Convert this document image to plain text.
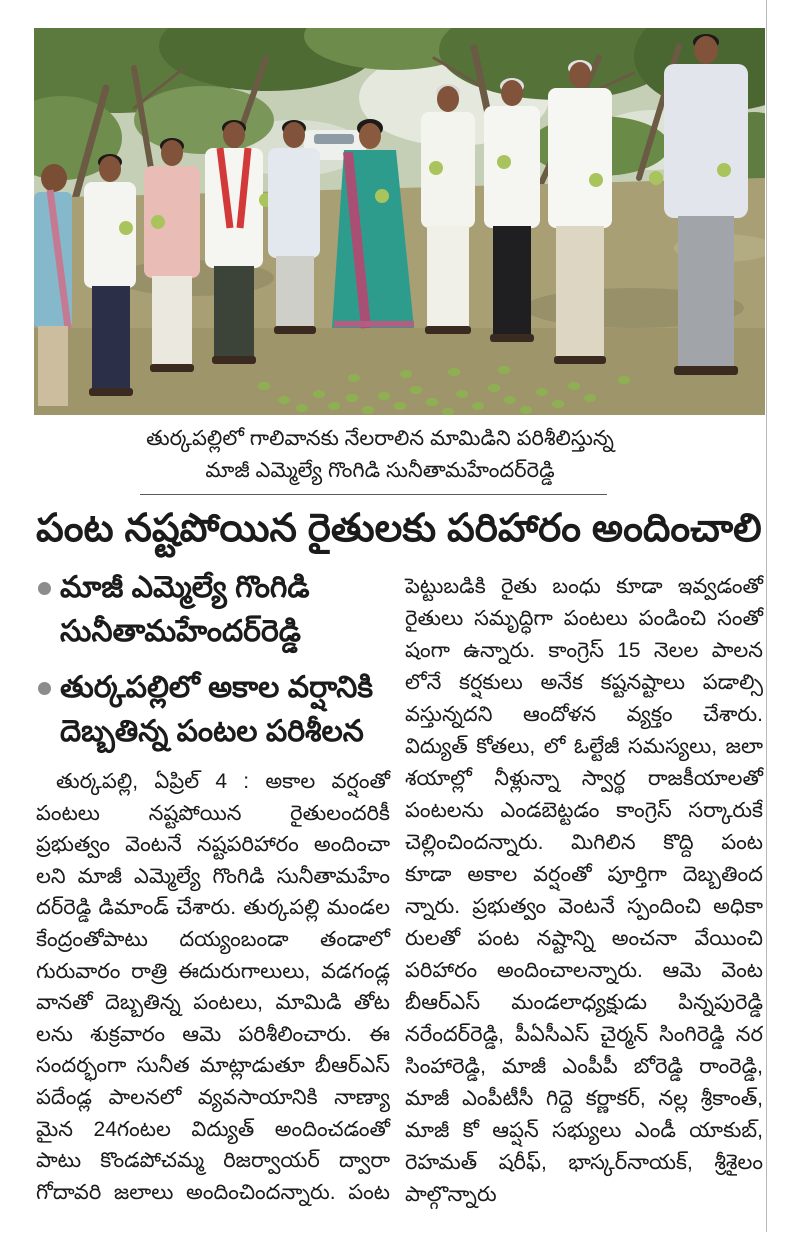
తుర్కపల్లిలో గాలివానకు నేలరాలిన మామిడిని పరిశీలిస్తున్న
మాజీ ఎమ్మెల్యే గొంగిడి సునీతామహేందర్‌రెడ్డి
పంట నష్టపోయిన రైతులకు పరిహారం అందించాలి
మాజీ ఎమ్మెల్యే గొంగిడి
సునీతామహేందర్‌రెడ్డి
తుర్కపల్లిలో అకాల వర్షానికి
దెబ్బతిన్న పంటల పరిశీలన
తుర్కపల్లి, ఏప్రిల్ 4 : అకాల వర్షంతో
పంటలు నష్టపోయిన రైతులందరికీ
ప్రభుత్వం వెంటనే నష్టపరిహారం అందించా
లని మాజీ ఎమ్మెల్యే గొంగిడి సునీతామహేం
దర్‌రెడ్డి డిమాండ్ చేశారు. తుర్కపల్లి మండల
కేంద్రంతోపాటు దయ్యంబండా తండాలో
గురువారం రాత్రి ఈదురుగాలులు, వడగండ్ల
వానతో దెబ్బతిన్న పంటలు, మామిడి తోట
లను శుక్రవారం ఆమె పరిశీలించారు. ఈ
సందర్భంగా సునీత మాట్లాడుతూ బీఆర్ఎస్
పదేండ్ల పాలనలో వ్యవసాయానికి నాణ్యా
మైన 24గంటల విద్యుత్ అందించడంతో
పాటు కొండపోచమ్మ రిజర్వాయర్ ద్వారా
గోదావరి జలాలు అందించిందన్నారు. పంట
పెట్టుబడికి రైతు బంధు కూడా ఇవ్వడంతో
రైతులు సమృద్ధిగా పంటలు పండించి సంతో
షంగా ఉన్నారు. కాంగ్రెస్ 15 నెలల పాలన
లోనే కర్షకులు అనేక కష్టనష్టాలు పడాల్సి
వస్తున్నదని ఆందోళన వ్యక్తం చేశారు.
విద్యుత్ కోతలు, లో ఓల్టేజీ సమస్యలు, జలా
శయాల్లో నీళ్లున్నా స్వార్థ రాజకీయాలతో
పంటలను ఎండబెట్టడం కాంగ్రెస్ సర్కారుకే
చెల్లించిందన్నారు. మిగిలిన కొద్ది పంట
కూడా అకాల వర్షంతో పూర్తిగా దెబ్బతింద
న్నారు. ప్రభుత్వం వెంటనే స్పందించి అధికా
రులతో పంట నష్టాన్ని అంచనా వేయించి
పరిహారం అందించాలన్నారు. ఆమె వెంట
బీఆర్ఎస్ మండలాధ్యక్షుడు పిన్నపురెడ్డి
నరేందర్‌రెడ్డి, పీఏసీఎస్ చైర్మన్ సింగిరెడ్డి నర
సింహారెడ్డి, మాజీ ఎంపీపీ బోరెడ్డి రాంరెడ్డి,
మాజీ ఎంపీటీసీ గిద్దె కర్ణాకర్, నల్ల శ్రీకాంత్,
మాజీ కో ఆప్షన్ సభ్యులు ఎండీ యాకుబ్,
రెహమత్ షరీఫ్, భాస్కర్‌నాయక్, శ్రీశైలం
పాల్గొన్నారు
